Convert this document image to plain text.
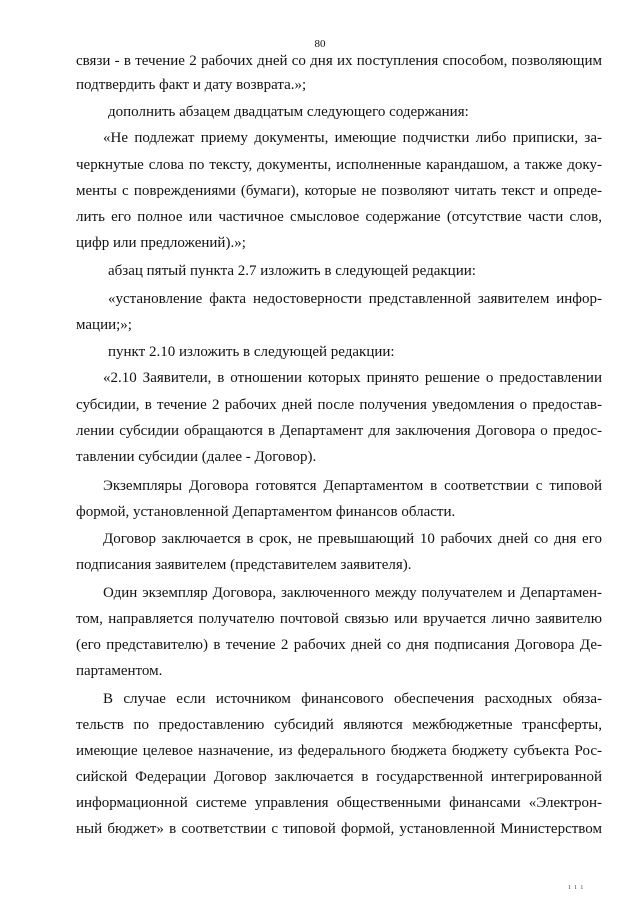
80
связи - в течение 2 рабочих дней со дня их поступления способом, позволяющим
подтвердить факт и дату возврата.»;
дополнить абзацем двадцатым следующего содержания:
«Не подлежат приему документы, имеющие подчистки либо приписки, за-
черкнутые слова по тексту, документы, исполненные карандашом, а также доку-
менты с повреждениями (бумаги), которые не позволяют читать текст и опреде-
лить его полное или частичное смысловое содержание (отсутствие части слов,
цифр или предложений).»;
абзац пятый пункта 2.7 изложить в следующей редакции:
«установление факта недостоверности представленной заявителем инфор-
мации;»;
пункт 2.10 изложить в следующей редакции:
«2.10 Заявители, в отношении которых принято решение о предоставлении
субсидии, в течение 2 рабочих дней после получения уведомления о предостав-
лении субсидии обращаются в Департамент для заключения Договора о предос-
тавлении субсидии (далее - Договор).
Экземпляры Договора готовятся Департаментом в соответствии с типовой
формой, установленной Департаментом финансов области.
Договор заключается в срок, не превышающий 10 рабочих дней со дня его
подписания заявителем (представителем заявителя).
Один экземпляр Договора, заключенного между получателем и Департамен-
том, направляется получателю почтовой связью или вручается лично заявителю
(его представителю) в течение 2 рабочих дней со дня подписания Договора Де-
партаментом.
В случае если источником финансового обеспечения расходных обяза-
тельств по предоставлению субсидий являются межбюджетные трансферты,
имеющие целевое назначение, из федерального бюджета бюджету субъекта Рос-
сийской Федерации Договор заключается в государственной интегрированной
информационной системе управления общественными финансами «Электрон-
ный бюджет» в соответствии с типовой формой, установленной Министерством
ı ı ı
